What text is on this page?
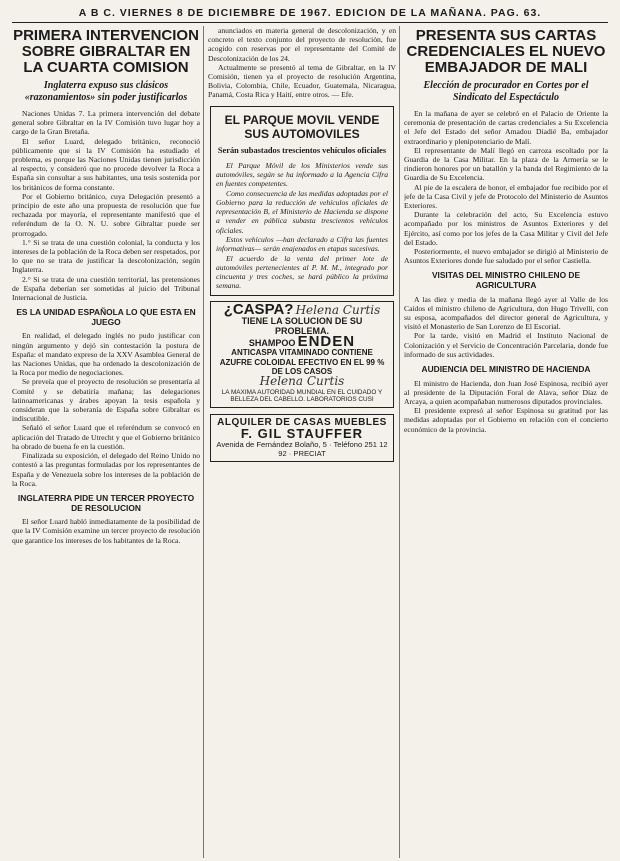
A B C. VIERNES 8 DE DICIEMBRE DE 1967. EDICION DE LA MAÑANA. PAG. 63.
PRIMERA INTERVENCION SOBRE GIBRALTAR EN LA CUARTA COMISION
Inglaterra expuso sus clásicos «razonamientos» sin poder justificarlos

Naciones Unidas 7. La primera intervención del debate general sobre Gibraltar en la IV Comisión tuvo lugar hoy a cargo de la Gran Bretaña.

El señor Luard, delegado británico, reconoció públicamente que si la IV Comisión ha estudiado el problema, es porque las Naciones Unidas tienen jurisdicción al respecto, y consideró que no procede devolver la Roca a España sin consultar a sus habitantes, una tesis sostenida por los británicos de forma constante.

Por el Gobierno británico, cuya Delegación presentó a principio de este año una propuesta de resolución que fue rechazada por mayoría, el representante manifestó que el referéndum de la O. N. U. sobre Gibraltar puede ser prorrogado.

1.° Si se trata de una cuestión colonial, la conducta y los intereses de la población de la Roca deben ser respetados, por lo que no se trata de justificar la descolonización, según Inglaterra.

2.° Si se trata de una cuestión territorial, las pretensiones de España deberían ser sometidas al juicio del Tribunal Internacional de Justicia.

ES LA UNIDAD ESPAÑOLA LO QUE ESTA EN JUEGO

En realidad, el delegado inglés no pudo justificar con ningún argumento y dejó sin contestación la postura de España: el mandato expreso de la XXV Asamblea General de las Naciones Unidas, que ha ordenado la descolonización de la Roca por medio de negociaciones.

Se preveía que el proyecto de resolución se presentaría al Comité y se debatiría mañana; las delegaciones latinoamericanas y árabes apoyan la tesis española y consideran que la soberanía de España sobre Gibraltar es indiscutible.

Señaló el señor Luard que el referéndum se convocó en aplicación del Tratado de Utrecht y que el Gobierno británico ha obrado de buena fe en la cuestión.

Finalizada su exposición, el delegado del Reino Unido no contestó a las preguntas formuladas por los representantes de España y de Venezuela sobre los intereses de la población de la Roca.

INGLATERRA PIDE UN TERCER PROYECTO DE RESOLUCION

El señor Luard habló inmediatamente de la posibilidad de que la IV Comisión examine un tercer proyecto de resolución que garantice los intereses de los habitantes de la Roca.

anunciados en materia general de descolonización, y en concreto el texto conjunto del proyecto de resolución, fue acogido con reservas por el representante del Comité de Descolonización de los 24.

Actualmente se presentó al tema de Gibraltar, en la IV Comisión, tienen ya el proyecto de resolución Argentina, Bolivia, Colombia, Chile, Ecuador, Guatemala, Nicaragua, Panamá, Costa Rica y Haití, entre otros. — Efe.

EL PARQUE MOVIL VENDE SUS AUTOMOVILES
Serán subastados trescientos vehículos oficiales

El Parque Móvil de los Ministerios vende sus automóviles, según se ha informado a la Agencia Cifra en fuentes competentes.

Como consecuencia de las medidas adoptadas por el Gobierno para la reducción de vehículos oficiales de representación B, el Ministerio de Hacienda se dispone a vender en pública subasta trescientos vehículos oficiales.

Estos vehículos —han declarado a Cifra las fuentes informativas— serán enajenados en etapas sucesivas.

El acuerdo de la venta del primer lote de automóviles pertenecientes al P. M. M., integrado por cincuenta y tres coches, se hará público la próxima semana.

¿CASPA? Helena Curtis
TIENE LA SOLUCION DE SU PROBLEMA.
SHAMPOO ENDEN
ANTICASPA VITAMINADO CONTIENE AZUFRE COLOIDAL EFECTIVO EN EL 99 % DE LOS CASOS
Helena Curtis
LA MAXIMA AUTORIDAD MUNDIAL EN EL CUIDADO Y BELLEZA DEL CABELLO. LABORATORIOS CUSI
ALQUILER DE CASAS MUEBLES
F. GIL STAUFFER
Avenida de Fernández Bolaño, 5 · Teléfono 251 12 92 · PRECIAT
PRESENTA SUS CARTAS CREDENCIALES EL NUEVO EMBAJADOR DE MALI
Elección de procurador en Cortes por el Sindicato del Espectáculo

En la mañana de ayer se celebró en el Palacio de Oriente la ceremonia de presentación de cartas credenciales a Su Excelencia el Jefe del Estado del señor Amadou Diadié Ba, embajador extraordinario y plenipotenciario de Malí.

El representante de Malí llegó en carroza escoltado por la Guardia de la Casa Militar. En la plaza de la Armería se le rindieron honores por un batallón y la banda del Regimiento de la Guardia de Su Excelencia.

Al pie de la escalera de honor, el embajador fue recibido por el jefe de la Casa Civil y jefe de Protocolo del Ministerio de Asuntos Exteriores.

Durante la celebración del acto, Su Excelencia estuvo acompañado por los ministros de Asuntos Exteriores y del Ejército, así como por los jefes de la Casa Militar y Civil del Jefe del Estado.

Posteriormente, el nuevo embajador se dirigió al Ministerio de Asuntos Exteriores donde fue saludado por el señor Castiella.

VISITAS DEL MINISTRO CHILENO DE AGRICULTURA

A las diez y media de la mañana llegó ayer al Valle de los Caídos el ministro chileno de Agricultura, don Hugo Trivelli, con su esposa, acompañados del director general de Agricultura, y visitó el Monasterio de San Lorenzo de El Escorial.

Por la tarde, visitó en Madrid el Instituto Nacional de Colonización y el Servicio de Concentración Parcelaria, donde fue informado de sus actividades.

AUDIENCIA DEL MINISTRO DE HACIENDA

El ministro de Hacienda, don Juan José Espinosa, recibió ayer al presidente de la Diputación Foral de Alava, señor Díaz de Arcaya, a quien acompañaban numerosos diputados provinciales.

El presidente expresó al señor Espinosa su gratitud por las medidas adoptadas por el Gobierno en relación con el concierto económico de la provincia.
